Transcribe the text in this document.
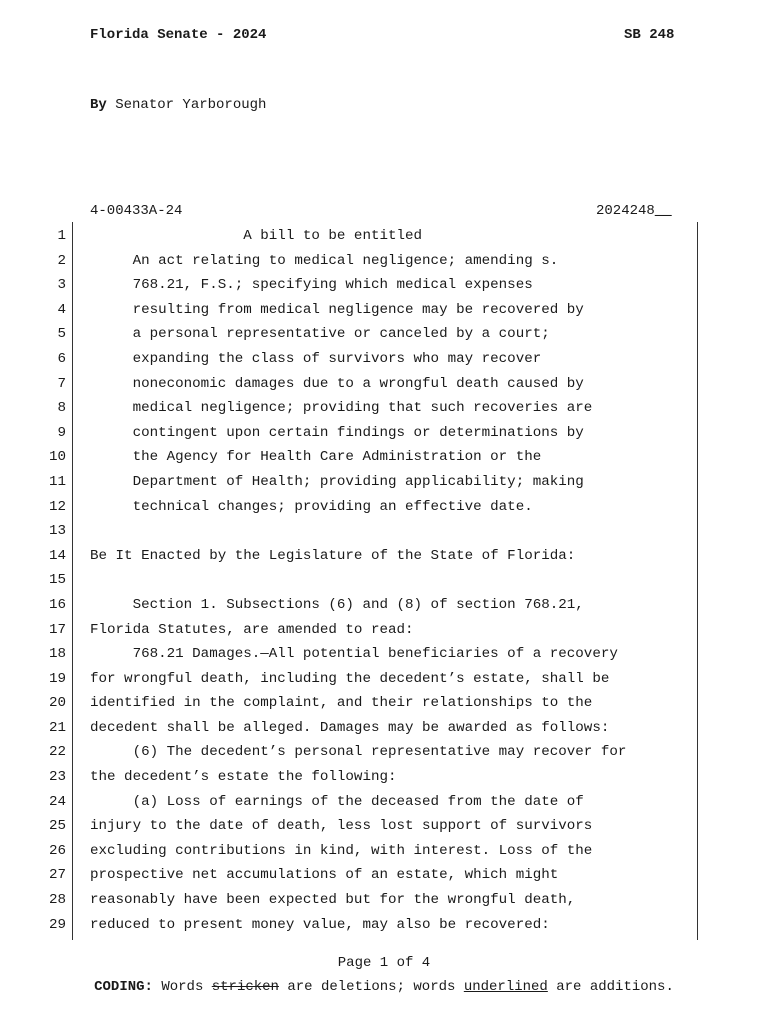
Florida Senate - 2024	SB 248
By Senator Yarborough
4-00433A-24	2024248__
1 A bill to be entitled
2 An act relating to medical negligence; amending s.
3 768.21, F.S.; specifying which medical expenses
4 resulting from medical negligence may be recovered by
5 a personal representative or canceled by a court;
6 expanding the class of survivors who may recover
7 noneconomic damages due to a wrongful death caused by
8 medical negligence; providing that such recoveries are
9 contingent upon certain findings or determinations by
10 the Agency for Health Care Administration or the
11 Department of Health; providing applicability; making
12 technical changes; providing an effective date.
13
14 Be It Enacted by the Legislature of the State of Florida:
15
16 Section 1. Subsections (6) and (8) of section 768.21,
17 Florida Statutes, are amended to read:
18 768.21 Damages.—All potential beneficiaries of a recovery
19 for wrongful death, including the decedent’s estate, shall be
20 identified in the complaint, and their relationships to the
21 decedent shall be alleged. Damages may be awarded as follows:
22 (6) The decedent’s personal representative may recover for
23 the decedent’s estate the following:
24 (a) Loss of earnings of the deceased from the date of
25 injury to the date of death, less lost support of survivors
26 excluding contributions in kind, with interest. Loss of the
27 prospective net accumulations of an estate, which might
28 reasonably have been expected but for the wrongful death,
29 reduced to present money value, may also be recovered:
Page 1 of 4
CODING: Words stricken are deletions; words underlined are additions.
